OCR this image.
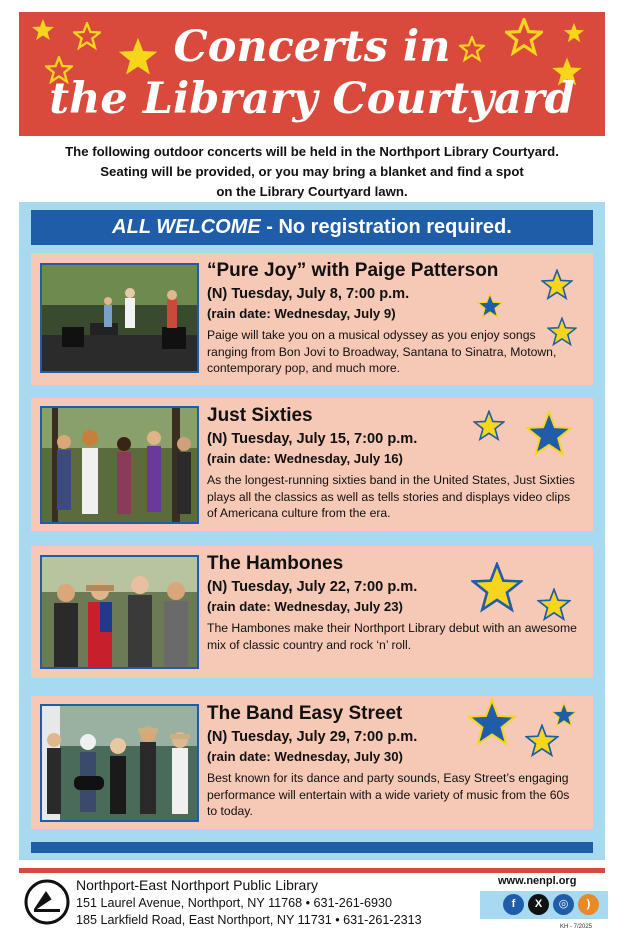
Concerts in
the Library Courtyard
The following outdoor concerts will be held in the Northport Library Courtyard.
Seating will be provided, or you may bring a blanket and find a spot
on the Library Courtyard lawn.
ALL WELCOME - No registration required.
“Pure Joy” with Paige Patterson
(N) Tuesday, July 8, 7:00 p.m.
(rain date: Wednesday, July 9)
Paige will take you on a musical odyssey as you enjoy songs ranging from Bon Jovi to Broadway, Santana to Sinatra, Motown, contemporary pop, and much more.
Just Sixties
(N) Tuesday, July 15, 7:00 p.m.
(rain date: Wednesday, July 16)
As the longest-running sixties band in the United States, Just Sixties plays all the classics as well as tells stories and displays video clips of Americana culture from the era.
The Hambones
(N) Tuesday, July 22, 7:00 p.m.
(rain date: Wednesday, July 23)
The Hambones make their Northport Library debut with an awesome mix of classic country and rock ‘n’ roll.
The Band Easy Street
(N) Tuesday, July 29, 7:00 p.m.
(rain date: Wednesday, July 30)
Best known for its dance and party sounds, Easy Street’s engaging performance will entertain with a wide variety of music from the 60s to today.
Northport-East Northport Public Library
151 Laurel Avenue, Northport, NY 11768 • 631-261-6930
185 Larkfield Road, East Northport, NY 11731 • 631-261-2313
www.nenpl.org
f	X	◎	)
KH - 7/2025
